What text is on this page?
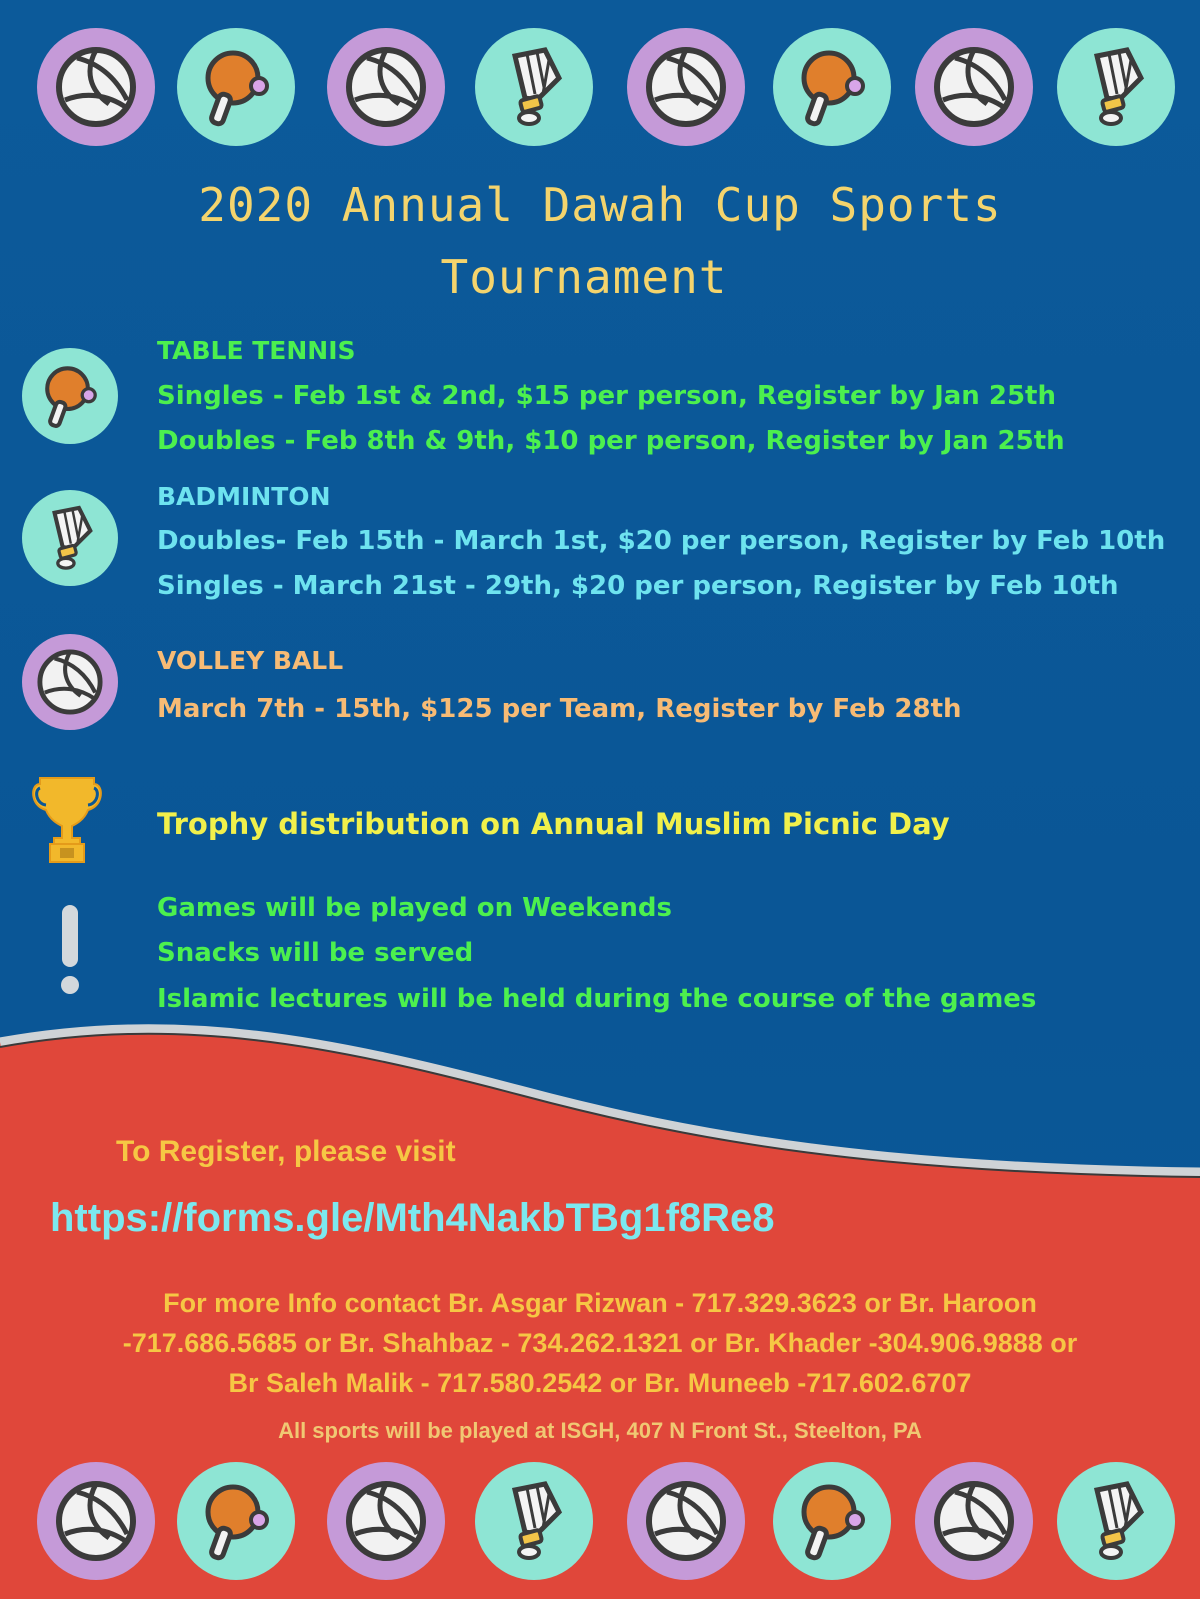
2020 Annual Dawah Cup Sports
Tournament
TABLE TENNIS
Singles - Feb 1st & 2nd, $15 per person, Register by Jan 25th
Doubles - Feb 8th & 9th, $10 per person, Register by Jan 25th
BADMINTON
Doubles- Feb 15th - March 1st, $20 per person, Register by Feb 10th
Singles - March 21st - 29th, $20 per person, Register by Feb 10th
VOLLEY BALL
March 7th - 15th, $125 per Team, Register by Feb 28th
Trophy distribution on Annual Muslim Picnic Day
Games will be played on Weekends
Snacks will be served
Islamic lectures will be held during the course of the games
To Register, please visit
https://forms.gle/Mth4NakbTBg1f8Re8
For more Info contact Br. Asgar Rizwan - 717.329.3623 or Br. Haroon
-717.686.5685 or Br. Shahbaz - 734.262.1321 or Br. Khader -304.906.9888 or
Br Saleh Malik - 717.580.2542 or Br. Muneeb -717.602.6707
All sports will be played at ISGH, 407 N Front St., Steelton, PA
